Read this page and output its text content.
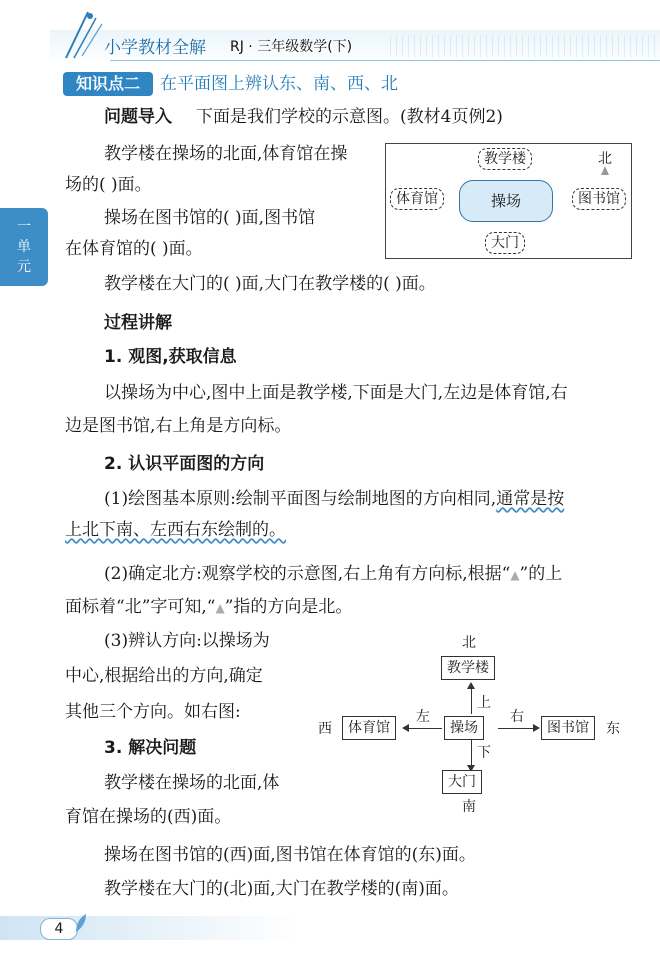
小学教材全解 RJ · 三年级数学(下)
一
单
元
知识点二	在平面图上辨认东、南、西、北
问题导入 下面是我们学校的示意图。(教材4页例2)
教学楼在操场的北面,体育馆在操
场的( )面。
操场在图书馆的( )面,图书馆
在体育馆的( )面。
教学楼在大门的( )面,大门在教学楼的( )面。
教学楼
体育馆	操场	图书馆
大门
北
过程讲解
1. 观图,获取信息
以操场为中心,图中上面是教学楼,下面是大门,左边是体育馆,右
边是图书馆,右上角是方向标。
2. 认识平面图的方向
(1)绘图基本原则:绘制平面图与绘制地图的方向相同,通常是按
上北下南、左西右东绘制的。
(2)确定北方:观察学校的示意图,右上角有方向标,根据“▲”的上
面标着“北”字可知,“▲”指的方向是北。
(3)辨认方向:以操场为
中心,根据给出的方向,确定
其他三个方向。如右图:
3. 解决问题
教学楼在操场的北面,体
育馆在操场的(西)面。
操场在图书馆的(西)面,图书馆在体育馆的(东)面。
教学楼在大门的(北)面,大门在教学楼的(南)面。
北
教学楼
上
西	体育馆
左
操场
右
图书馆	东
下
大门
南
4
